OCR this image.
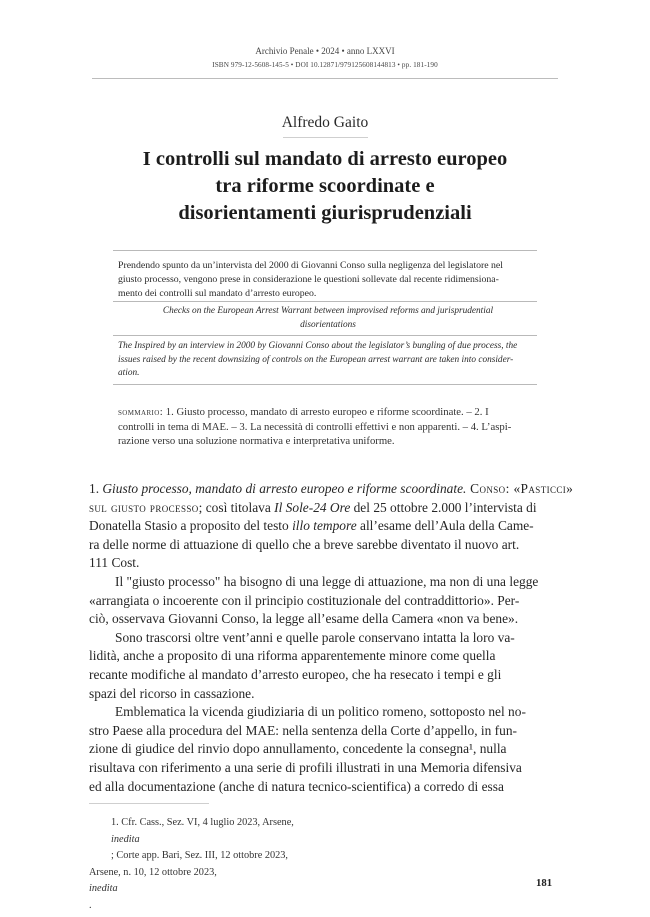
Archivio Penale • 2024 • anno LXXVI
ISBN 979-12-5608-145-5 • DOI 10.12871/979125608144813 • pp. 181-190
Alfredo Gaito
I controlli sul mandato di arresto europeo
tra riforme scoordinate e
disorientamenti giurisprudenziali
Prendendo spunto da un’intervista del 2000 di Giovanni Conso sulla negligenza del legislatore nel
giusto processo, vengono prese in considerazione le questioni sollevate dal recente ridimensiona-
mento dei controlli sul mandato d’arresto europeo.
Checks on the European Arrest Warrant between improvised reforms and jurisprudential
disorientations
The Inspired by an interview in 2000 by Giovanni Conso about the legislator’s bungling of due process, the
issues raised by the recent downsizing of controls on the European arrest warrant are taken into consider-
ation.
sommario: 1. Giusto processo, mandato di arresto europeo e riforme scoordinate. – 2. I
controlli in tema di MAE. – 3. La necessità di controlli effettivi e non apparenti. – 4. L’aspi-
razione verso una soluzione normativa e interpretativa uniforme.
1. Giusto processo, mandato di arresto europeo e riforme scoordinate. Conso: «Pasticci»
sul giusto processo; così titolava Il Sole-24 Ore del 25 ottobre 2.000 l’intervista di
Donatella Stasio a proposito del testo illo tempore all’esame dell’Aula della Came-
ra delle norme di attuazione di quello che a breve sarebbe diventato il nuovo art.
111 Cost.
Il "giusto processo" ha bisogno di una legge di attuazione, ma non di una legge
«arrangiata o incoerente con il principio costituzionale del contraddittorio». Per-
ciò, osservava Giovanni Conso, la legge all’esame della Camera «non va bene».
Sono trascorsi oltre vent’anni e quelle parole conservano intatta la loro va-
lidità, anche a proposito di una riforma apparentemente minore come quella
recante modifiche al mandato d’arresto europeo, che ha resecato i tempi e gli
spazi del ricorso in cassazione.
Emblematica la vicenda giudiziaria di un politico romeno, sottoposto nel no-
stro Paese alla procedura del MAE: nella sentenza della Corte d’appello, in fun-
zione di giudice del rinvio dopo annullamento, concedente la consegna¹, nulla
risultava con riferimento a una serie di profili illustrati in una Memoria difensiva
ed alla documentazione (anche di natura tecnico-scientifica) a corredo di essa
1. Cfr. Cass., Sez. VI, 4 luglio 2023, Arsene,
inedita
; Corte app. Bari, Sez. III, 12 ottobre 2023,
Arsene, n. 10, 12 ottobre 2023,
inedita
.
181
